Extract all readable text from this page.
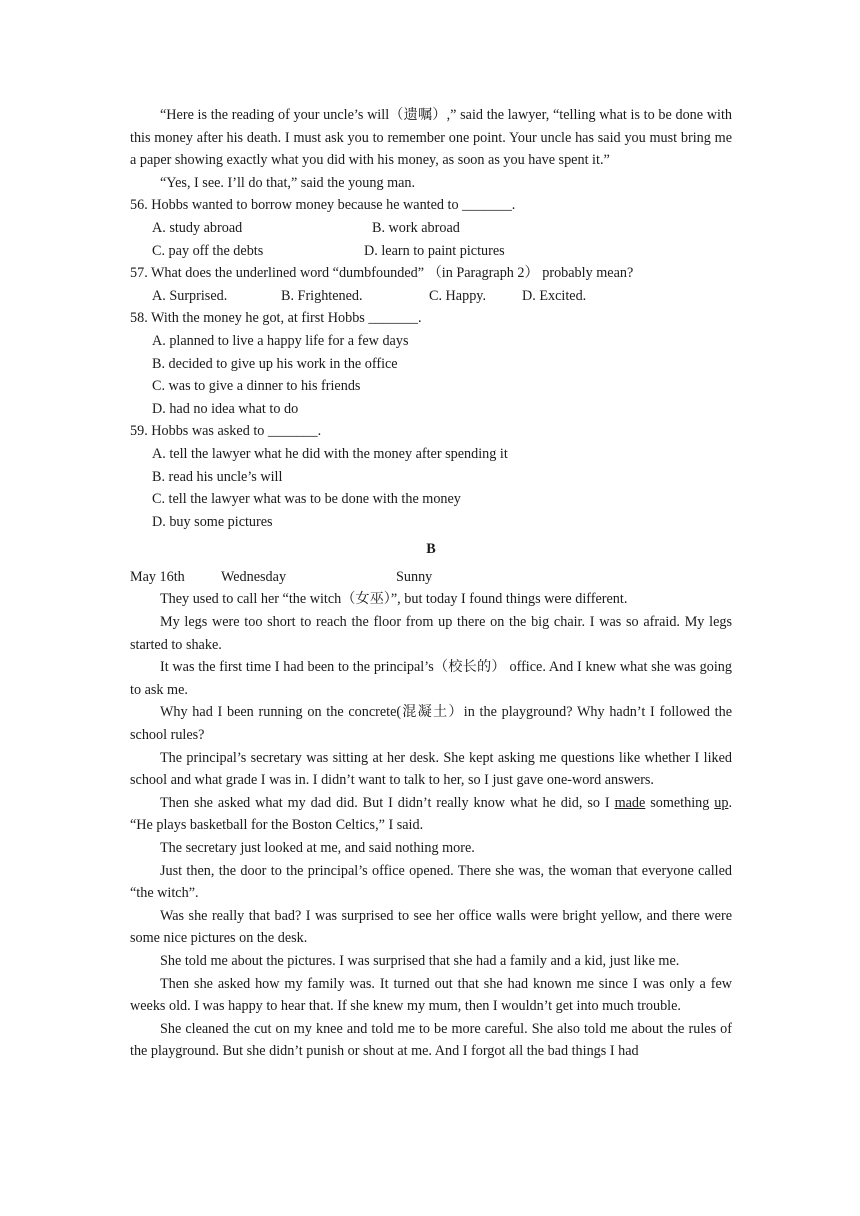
“Here is the reading of your uncle’s will（遗嘱）,” said the lawyer, “telling what is to be done with this money after his death. I must ask you to remember one point. Your uncle has said you must bring me a paper showing exactly what you did with his money, as soon as you have spent it.”

“Yes, I see. I’ll do that,” said the young man.

56. Hobbs wanted to borrow money because he wanted to _______.

A. study abroad	B. work abroad
C. pay off the debts	D. learn to paint pictures

57. What does the underlined word “dumbfounded” （in Paragraph 2） probably mean?

A. Surprised.	B. Frightened.	C. Happy.	D. Excited.

58. With the money he got, at first Hobbs _______.

A. planned to live a happy life for a few days

B. decided to give up his work in the office

C. was to give a dinner to his friends

D. had no idea what to do

59. Hobbs was asked to _______.

A. tell the lawyer what he did with the money after spending it

B. read his uncle’s will

C. tell the lawyer what was to be done with the money

D. buy some pictures

B

May 16th	Wednesday	Sunny

They used to call her “the witch（女巫）”, but today I found things were different.

My legs were too short to reach the floor from up there on the big chair. I was so afraid. My legs started to shake.

It was the first time I had been to the principal’s（校长的） office. And I knew what she was going to ask me.

Why had I been running on the concrete(混凝土）in the playground? Why hadn’t I followed the school rules?

The principal’s secretary was sitting at her desk. She kept asking me questions like whether I liked school and what grade I was in. I didn’t want to talk to her, so I just gave one-word answers.

Then she asked what my dad did. But I didn’t really know what he did, so I made something up. “He plays basketball for the Boston Celtics,” I said.

The secretary just looked at me, and said nothing more.

Just then, the door to the principal’s office opened. There she was, the woman that everyone called “the witch”.

Was she really that bad? I was surprised to see her office walls were bright yellow, and there were some nice pictures on the desk.

She told me about the pictures. I was surprised that she had a family and a kid, just like me.

Then she asked how my family was. It turned out that she had known me since I was only a few weeks old. I was happy to hear that. If she knew my mum, then I wouldn’t get into much trouble.

She cleaned the cut on my knee and told me to be more careful. She also told me about the rules of the playground. But she didn’t punish or shout at me. And I forgot all the bad things I had
